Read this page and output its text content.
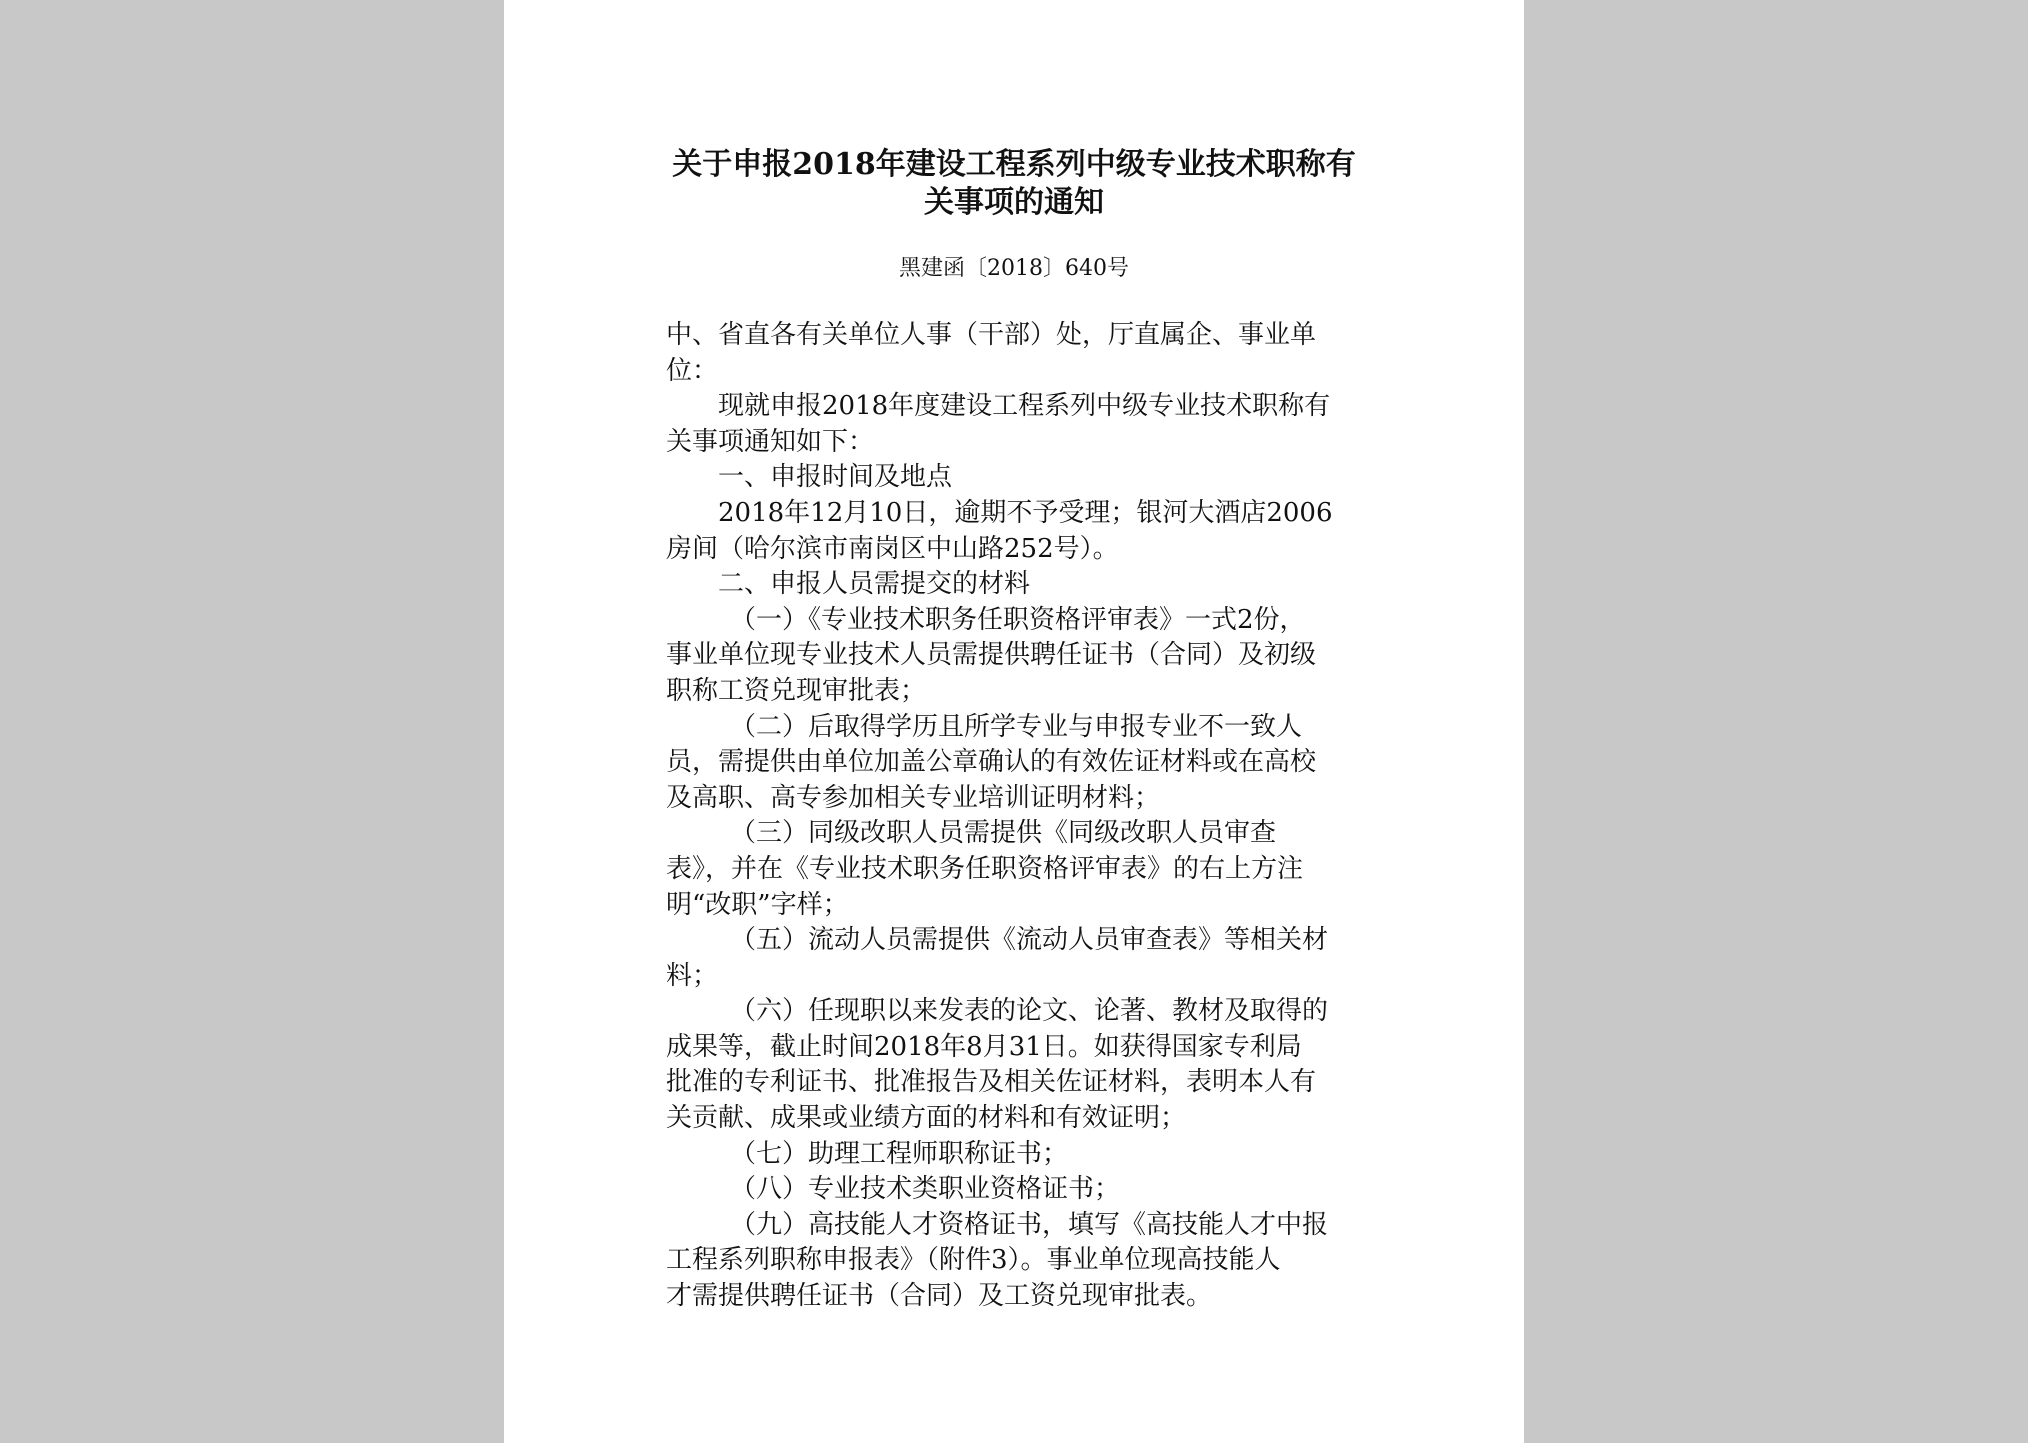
关于申报2018年建设工程系列中级专业技术职称有
关事项的通知
黑建函〔2018〕640号
中、省直各有关单位人事（干部）处，厅直属企、事业单
位：
现就申报2018年度建设工程系列中级专业技术职称有
关事项通知如下：
一、申报时间及地点
2018年12月10日，逾期不予受理；银河大酒店2006
房间（哈尔滨市南岗区中山路252号）。
二、申报人员需提交的材料
（一）《专业技术职务任职资格评审表》一式2份，
事业单位现专业技术人员需提供聘任证书（合同）及初级
职称工资兑现审批表；
（二）后取得学历且所学专业与申报专业不一致人
员，需提供由单位加盖公章确认的有效佐证材料或在高校
及高职、高专参加相关专业培训证明材料；
（三）同级改职人员需提供《同级改职人员审查
表》，并在《专业技术职务任职资格评审表》的右上方注
明“改职”字样；
（五）流动人员需提供《流动人员审查表》等相关材
料；
（六）任现职以来发表的论文、论著、教材及取得的
成果等，截止时间2018年8月31日。如获得国家专利局
批准的专利证书、批准报告及相关佐证材料，表明本人有
关贡献、成果或业绩方面的材料和有效证明；
（七）助理工程师职称证书；
（八）专业技术类职业资格证书；
（九）高技能人才资格证书，填写《高技能人才中报
工程系列职称申报表》（附件3）。事业单位现高技能人
才需提供聘任证书（合同）及工资兑现审批表。
